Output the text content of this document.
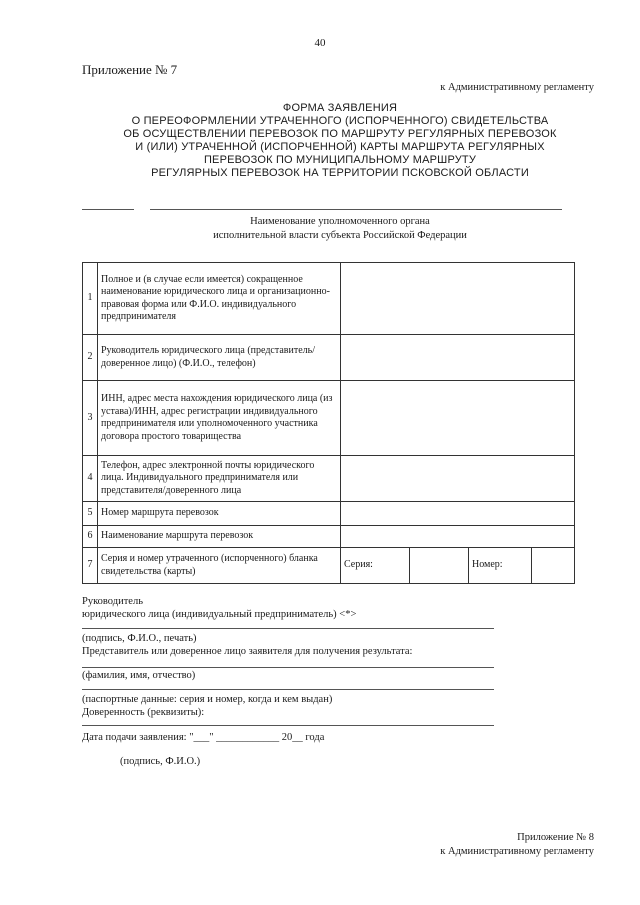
40
Приложение № 7
к Административному регламенту
ФОРМА ЗАЯВЛЕНИЯ
О ПЕРЕОФОРМЛЕНИИ УТРАЧЕННОГО (ИСПОРЧЕННОГО) СВИДЕТЕЛЬСТВА
ОБ ОСУЩЕСТВЛЕНИИ ПЕРЕВОЗОК ПО МАРШРУТУ РЕГУЛЯРНЫХ ПЕРЕВОЗОК
И (ИЛИ) УТРАЧЕННОЙ (ИСПОРЧЕННОЙ) КАРТЫ МАРШРУТА РЕГУЛЯРНЫХ
ПЕРЕВОЗОК ПО МУНИЦИПАЛЬНОМУ МАРШРУТУ
РЕГУЛЯРНЫХ ПЕРЕВОЗОК НА ТЕРРИТОРИИ ПСКОВСКОЙ ОБЛАСТИ
Наименование уполномоченного органа
исполнительной власти субъекта Российской Федерации
1	Полное и (в случае если имеется) сокращенное наименование юридического лица и организационно-правовая форма или Ф.И.О. индивидуального предпринимателя				
2	Руководитель юридического лица (представитель/доверенное лицо) (Ф.И.О., телефон)				
3	ИНН, адрес места нахождения юридического лица (из устава)/ИНН, адрес регистрации индивидуального предпринимателя или уполномоченного участника договора простого товарищества				
4	Телефон, адрес электронной почты юридического лица. Индивидуального предпринимателя или представителя/доверенного лица				
5	Номер маршрута перевозок				
6	Наименование маршрута перевозок				
7	Серия и номер утраченного (испорченного) бланка свидетельства (карты)	Серия:		Номер:	
Руководитель
юридического лица (индивидуальный предприниматель) <*>
(подпись, Ф.И.О., печать)
Представитель или доверенное лицо заявителя для получения результата:
(фамилия, имя, отчество)
(паспортные данные: серия и номер, когда и кем выдан)
Доверенность (реквизиты):
Дата подачи заявления: "___" ____________ 20__ года
(подпись, Ф.И.О.)
Приложение № 8
к Административному регламенту
